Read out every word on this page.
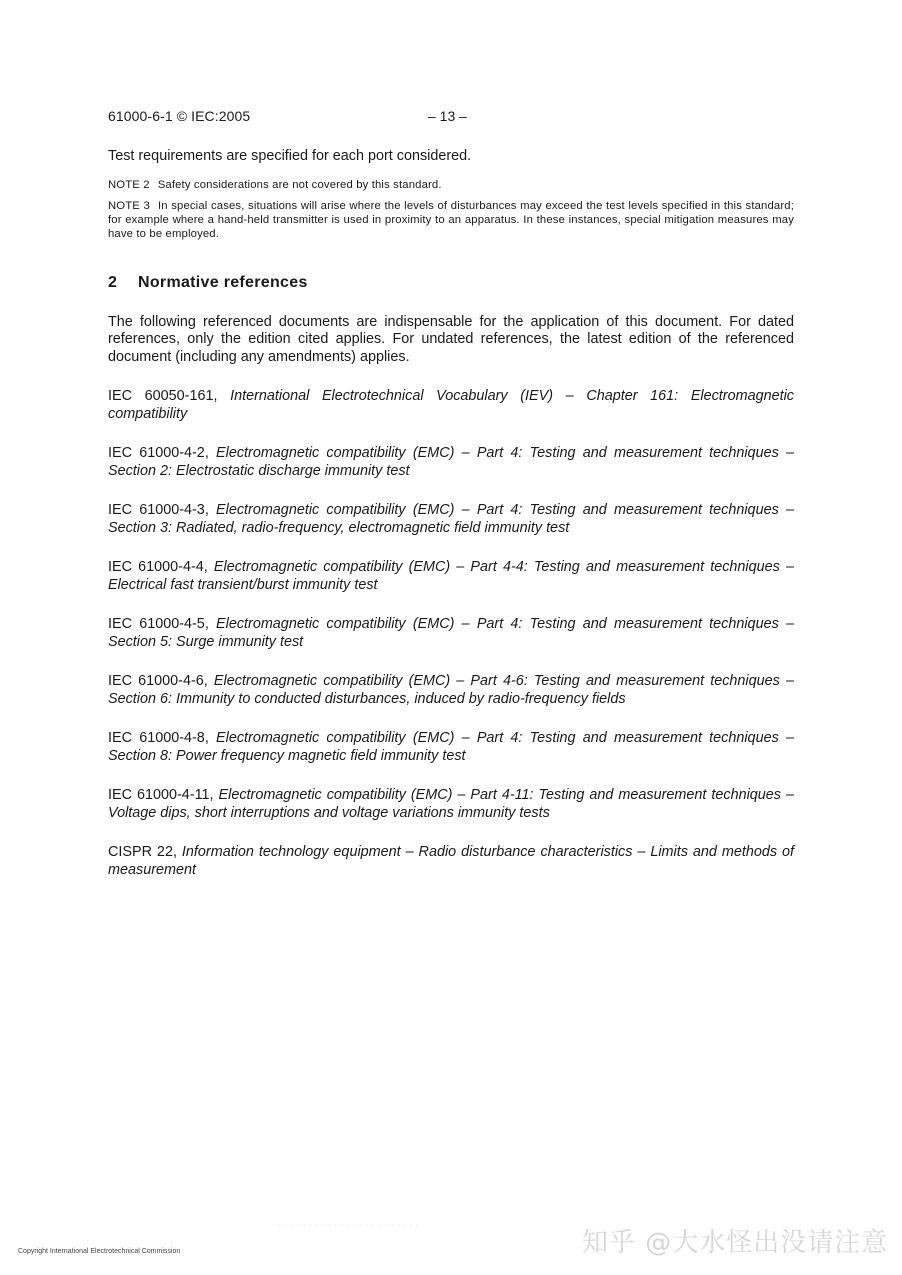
61000-6-1 © IEC:2005	– 13 –

Test requirements are specified for each port considered.

NOTE 2 Safety considerations are not covered by this standard.

NOTE 3 In special cases, situations will arise where the levels of disturbances may exceed the test levels specified in this standard; for example where a hand-held transmitter is used in proximity to an apparatus. In these instances, special mitigation measures may have to be employed.

2 Normative references

The following referenced documents are indispensable for the application of this document. For dated references, only the edition cited applies. For undated references, the latest edition of the referenced document (including any amendments) applies.

IEC 60050-161, International Electrotechnical Vocabulary (IEV) – Chapter 161: Electromagnetic compatibility

IEC 61000-4-2, Electromagnetic compatibility (EMC) – Part 4: Testing and measurement techniques – Section 2: Electrostatic discharge immunity test

IEC 61000-4-3, Electromagnetic compatibility (EMC) – Part 4: Testing and measurement techniques – Section 3: Radiated, radio-frequency, electromagnetic field immunity test

IEC 61000-4-4, Electromagnetic compatibility (EMC) – Part 4-4: Testing and measurement techniques – Electrical fast transient/burst immunity test

IEC 61000-4-5, Electromagnetic compatibility (EMC) – Part 4: Testing and measurement techniques – Section 5: Surge immunity test

IEC 61000-4-6, Electromagnetic compatibility (EMC) – Part 4-6: Testing and measurement techniques – Section 6: Immunity to conducted disturbances, induced by radio-frequency fields

IEC 61000-4-8, Electromagnetic compatibility (EMC) – Part 4: Testing and measurement techniques – Section 8: Power frequency magnetic field immunity test

IEC 61000-4-11, Electromagnetic compatibility (EMC) – Part 4-11: Testing and measurement techniques – Voltage dips, short interruptions and voltage variations immunity tests

CISPR 22, Information technology equipment – Radio disturbance characteristics – Limits and methods of measurement

· · · · · · · · · · · · · · · · · · · · · · ·
Copyright International Electrotechnical Commission	知乎 @大水怪出没请注意
